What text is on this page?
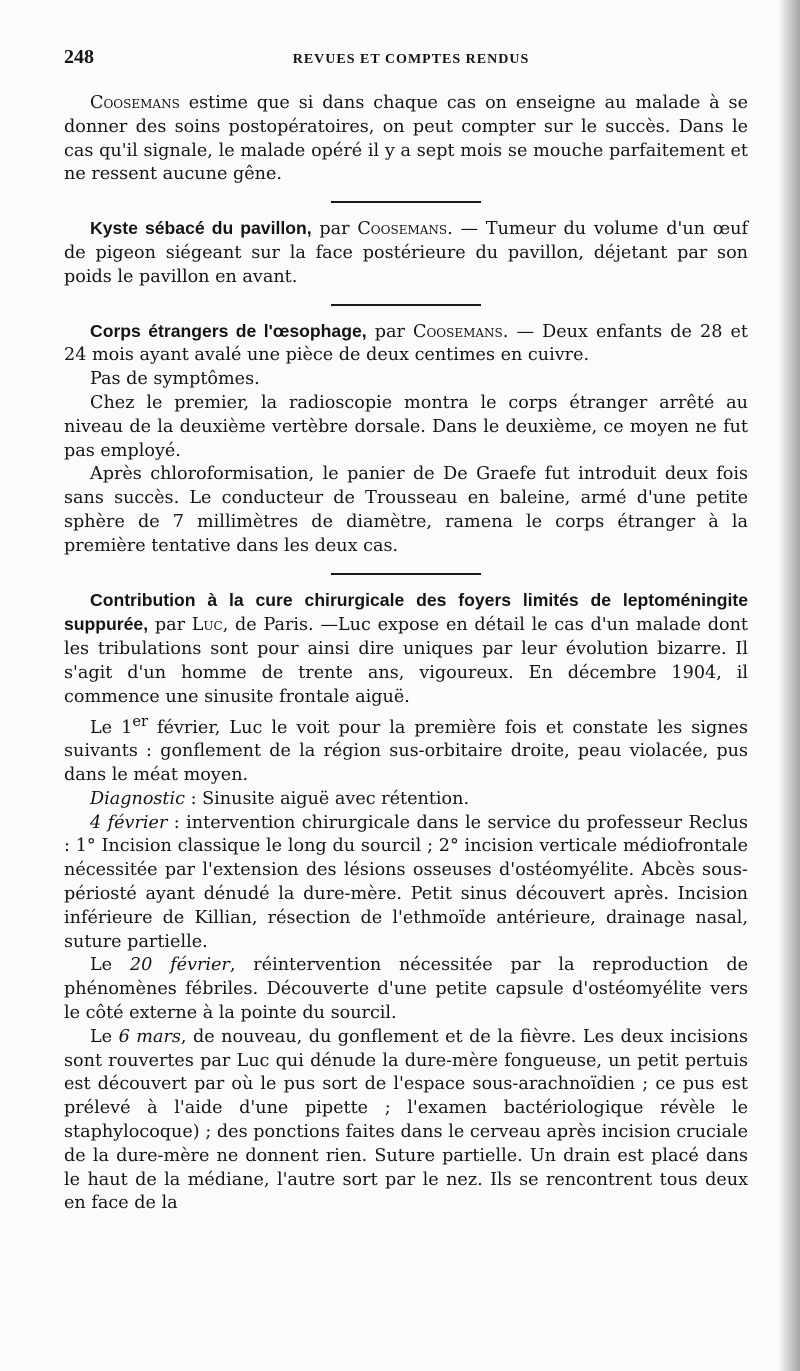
248	REVUES ET COMPTES RENDUS

Coosemans estime que si dans chaque cas on enseigne au malade à se donner des soins postopératoires, on peut compter sur le succès. Dans le cas qu'il signale, le malade opéré il y a sept mois se mouche parfaitement et ne ressent aucune gêne.

Kyste sébacé du pavillon, par Coosemans. — Tumeur du volume d'un œuf de pigeon siégeant sur la face postérieure du pavillon, déjetant par son poids le pavillon en avant.

Corps étrangers de l'œsophage, par Coosemans. — Deux enfants de 28 et 24 mois ayant avalé une pièce de deux centimes en cuivre.

Pas de symptômes.

Chez le premier, la radioscopie montra le corps étranger arrêté au niveau de la deuxième vertèbre dorsale. Dans le deuxième, ce moyen ne fut pas employé.

Après chloroformisation, le panier de De Graefe fut introduit deux fois sans succès. Le conducteur de Trousseau en baleine, armé d'une petite sphère de 7 millimètres de diamètre, ramena le corps étranger à la première tentative dans les deux cas.

Contribution à la cure chirurgicale des foyers limités de leptoméningite suppurée, par Luc, de Paris. —Luc expose en détail le cas d'un malade dont les tribulations sont pour ainsi dire uniques par leur évolution bizarre. Il s'agit d'un homme de trente ans, vigoureux. En décembre 1904, il commence une sinusite frontale aiguë.

Le 1er février, Luc le voit pour la première fois et constate les signes suivants : gonflement de la région sus-orbitaire droite, peau violacée, pus dans le méat moyen.

Diagnostic : Sinusite aiguë avec rétention.

4 février : intervention chirurgicale dans le service du professeur Reclus : 1° Incision classique le long du sourcil ; 2° incision verticale médiofrontale nécessitée par l'extension des lésions osseuses d'ostéomyélite. Abcès sous-périosté ayant dénudé la dure-mère. Petit sinus découvert après. Incision inférieure de Killian, résection de l'ethmoïde antérieure, drainage nasal, suture partielle.

Le 20 février, réintervention nécessitée par la reproduction de phénomènes fébriles. Découverte d'une petite capsule d'ostéomyélite vers le côté externe à la pointe du sourcil.

Le 6 mars, de nouveau, du gonflement et de la fièvre. Les deux incisions sont rouvertes par Luc qui dénude la dure-mère fongueuse, un petit pertuis est découvert par où le pus sort de l'espace sous-arachnoïdien ; ce pus est prélevé à l'aide d'une pipette ; l'examen bactériologique révèle le staphylocoque) ; des ponctions faites dans le cerveau après incision cruciale de la dure-mère ne donnent rien. Suture partielle. Un drain est placé dans le haut de la médiane, l'autre sort par le nez. Ils se rencontrent tous deux en face de la
